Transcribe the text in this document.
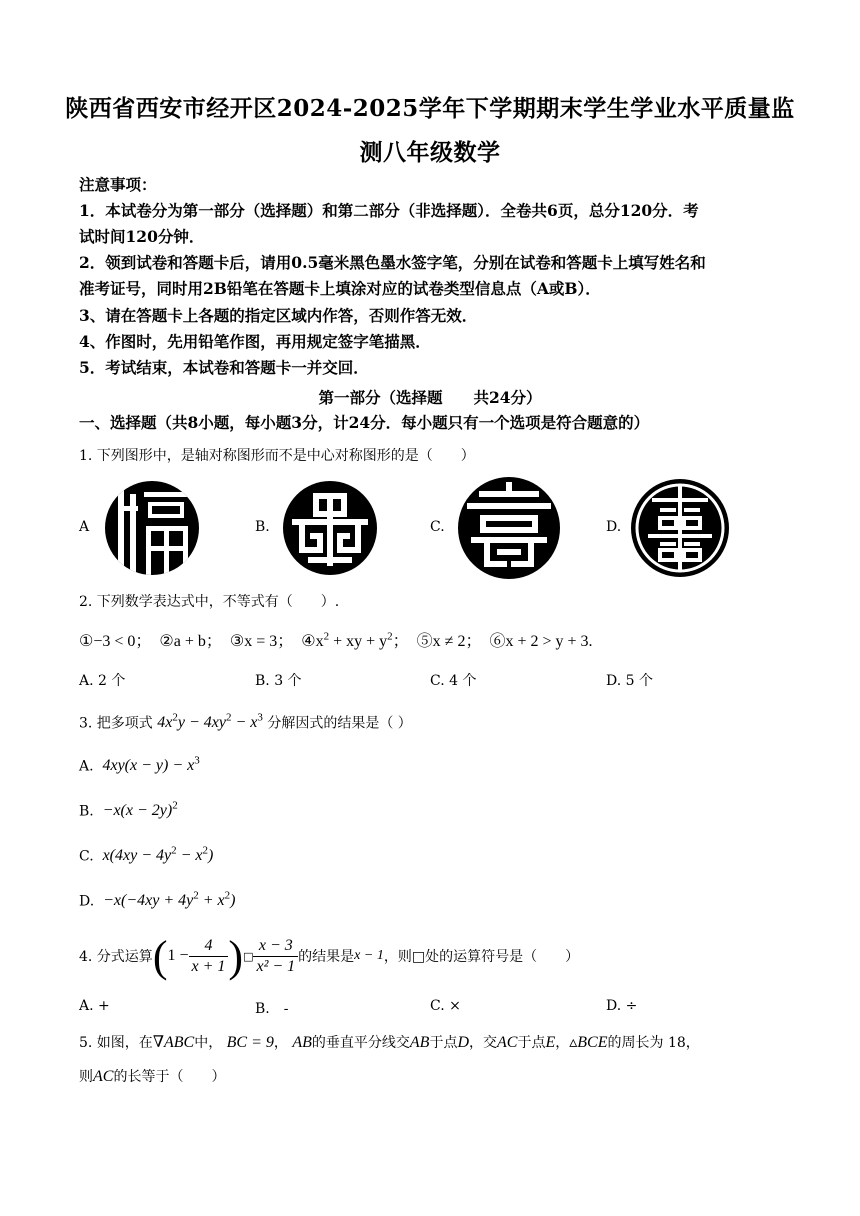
陕西省西安市经开区2024-2025学年下学期期末学生学业水平质量监
测八年级数学
注意事项：
1．本试卷分为第一部分（选择题）和第二部分（非选择题）．全卷共6页，总分120分．考
试时间120分钟．
2．领到试卷和答题卡后，请用0.5毫米黑色墨水签字笔，分别在试卷和答题卡上填写姓名和
准考证号，同时用2B铅笔在答题卡上填涂对应的试卷类型信息点（A或B）．
3、请在答题卡上各题的指定区域内作答，否则作答无效．
4、作图时，先用铅笔作图，再用规定签字笔描黑．
5．考试结束，本试卷和答题卡一并交回．
第一部分（选择题　　共24分）
一、选择题（共8小题，每小题3分，计24分．每小题只有一个选项是符合题意的）
1. 下列图形中，是轴对称图形而不是中心对称图形的是（　　）
A	B.	C.	D.
2. 下列数学表达式中，不等式有（　　）.
①−3 < 0； ②a + b； ③x = 3； $④x^2$ + xy + $y^2$； ⑤x ≠ 2； ⑥x + 2 > y + 3.
A. 2 个	B. 3 个	C. 4 个	D. 5 个
3. 把多项式 $4x^2y - 4xy^2 - x^3$ 分解因式的结果是（ ）
A. $4xy(x - y) - x^3$
B. $-x(x - 2y)^2$
C. $x(4xy - 4y^2 - x^2)$
D. $-x(-4xy + 4y^2 + x^2)$
4. 分式运算 ( $1 - \frac{4}{x + 1}$ ) □ $\frac{x - 3}{\text{x² − 1}}$ 的结果是 x − 1 ，则□处的运算符号是（　　）
A. +	B.　-	C. ×	D. ÷
5. 如图，在∇ABC中， BC = 9， AB的垂直平分线交AB于点D，交AC于点E，▵BCE的周长为 18，
则AC的长等于（　　）
